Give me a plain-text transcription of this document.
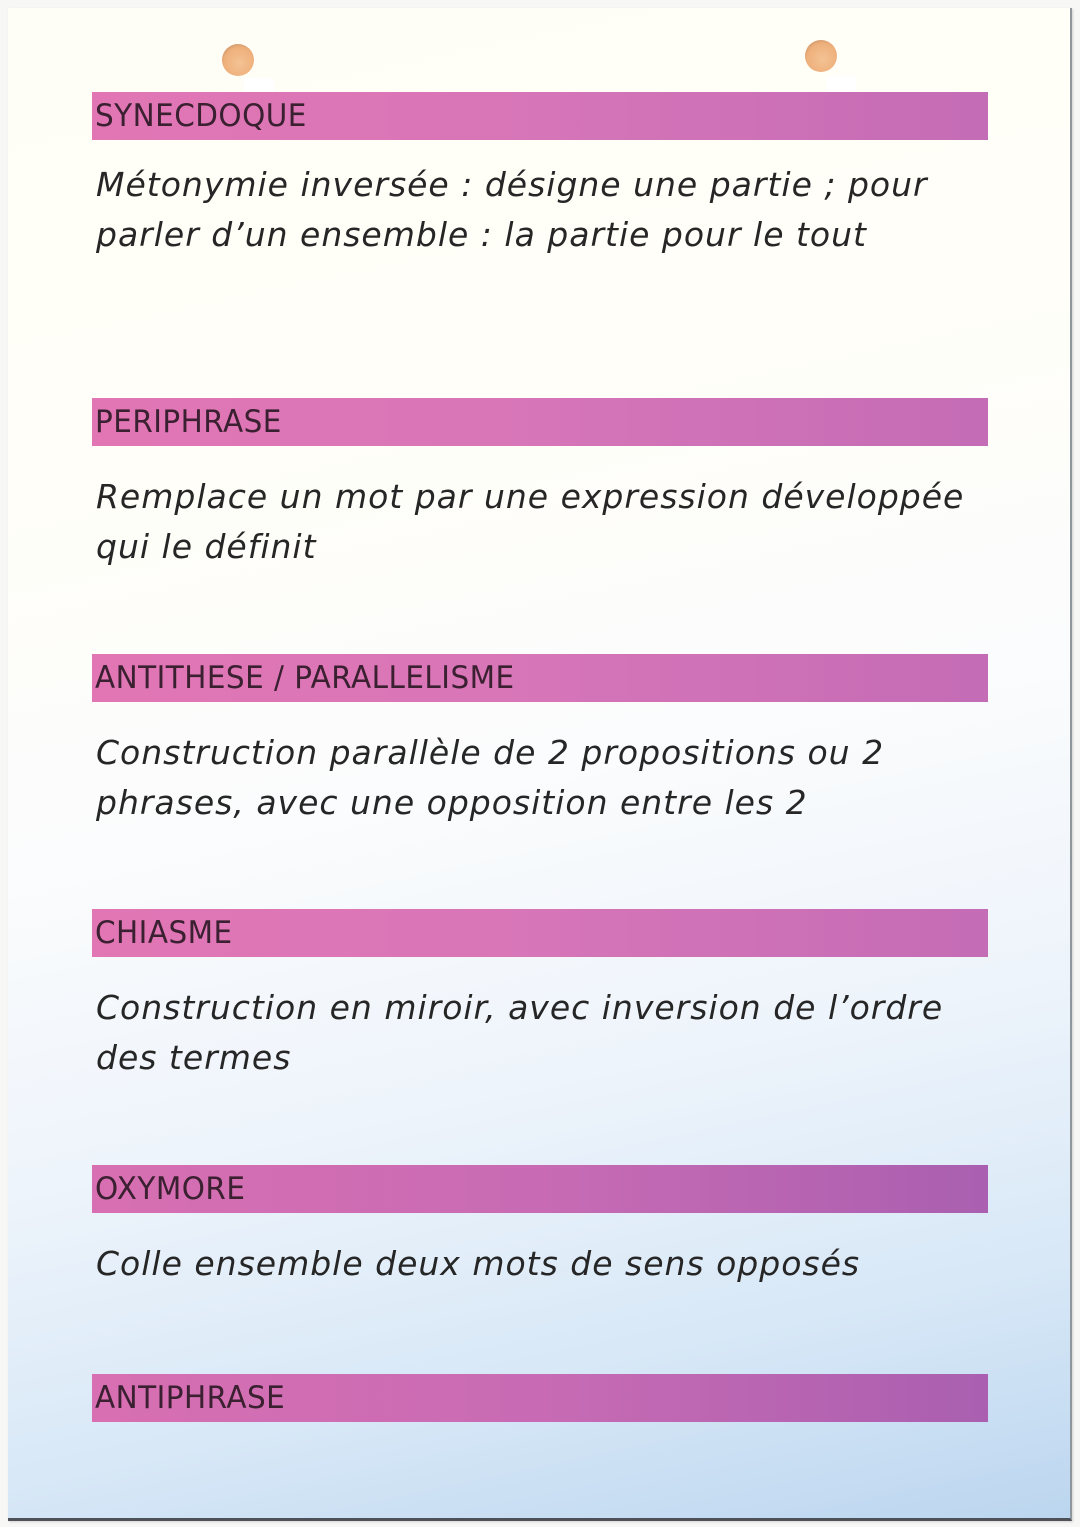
SYNECDOQUE
Métonymie inversée : désigne une partie ; pour parler d’un ensemble : la partie pour le tout
PERIPHRASE
Remplace un mot par une expression développée qui le définit
ANTITHESE / PARALLELISME
Construction parallèle de 2 propositions ou 2 phrases, avec une opposition entre les 2
CHIASME
Construction en miroir, avec inversion de l’ordre des termes
OXYMORE
Colle ensemble deux mots de sens opposés
ANTIPHRASE
